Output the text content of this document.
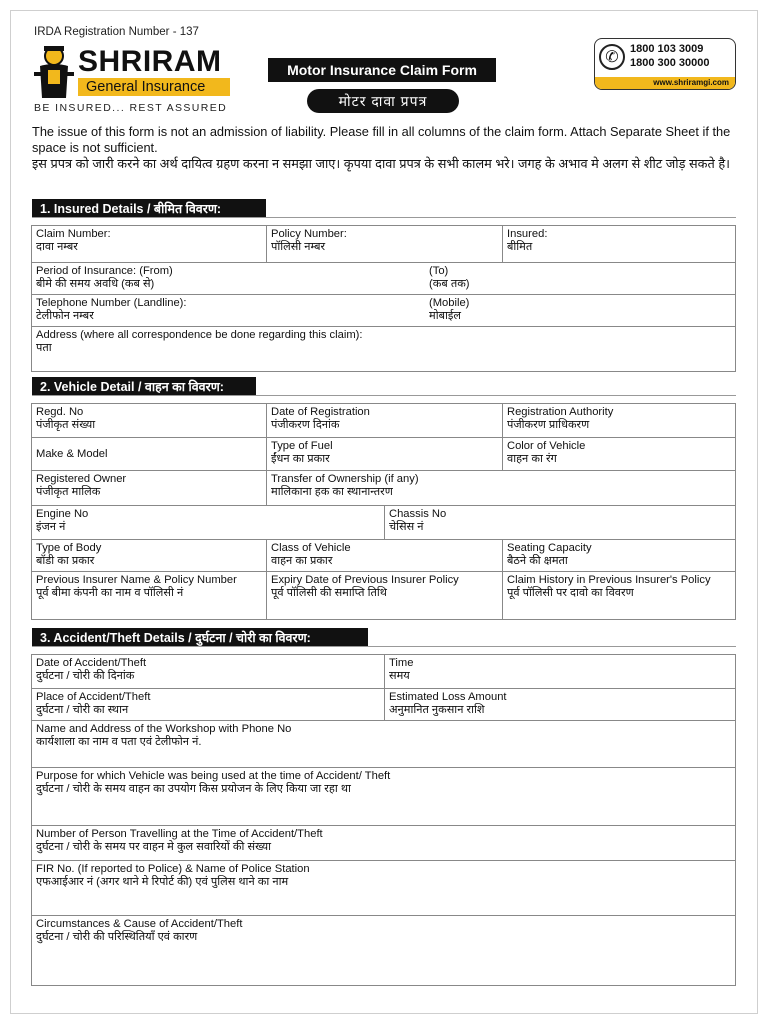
IRDA Registration Number - 137
SHRIRAM
General Insurance
BE INSURED... REST ASSURED
Motor Insurance Claim Form
मोटर दावा प्रपत्र
✆	1800 103 3009
1800 300 30000
www.shriramgi.com
The issue of this form is not an admission of liability. Please fill in all columns of the claim form. Attach Separate Sheet if the space is not sufficient.
इस प्रपत्र को जारी करने का अर्थ दायित्व ग्रहण करना न समझा जाए। कृपया दावा प्रपत्र के सभी कालम भरे। जगह के अभाव मे अलग से शीट जोड़ सकते है।
1. Insured Details / बीमित विवरण:
Claim Number:
दावा नम्बर
Policy Number:
पॉलिसी नम्बर
Insured:
बीमित
Period of Insurance: (From)
बीमे की समय अवधि (कब से)
(To)
(कब तक)
Telephone Number (Landline):
टेलीफोन नम्बर
(Mobile)
मोबाईल
Address (where all correspondence be done regarding this claim):
पता
2. Vehicle Detail / वाहन का विवरण:
Regd. No
पंजीकृत संख्या
Date of Registration
पंजीकरण दिनांक
Registration Authority
पंजीकरण प्राधिकरण
Make & Model
Type of Fuel
ईंधन का प्रकार
Color of Vehicle
वाहन का रंग
Registered Owner
पंजीकृत मालिक
Transfer of Ownership (if any)
मालिकाना हक का स्थानान्तरण
Engine No
इंजन नं
Chassis No
चेसिस नं
Type of Body
बॉडी का प्रकार
Class of Vehicle
वाहन का प्रकार
Seating Capacity
बैठने की क्षमता
Previous Insurer Name & Policy Number
पूर्व बीमा कंपनी का नाम व पॉलिसी नं
Expiry Date of Previous Insurer Policy
पूर्व पॉलिसी की समाप्ति तिथि
Claim History in Previous Insurer's Policy
पूर्व पॉलिसी पर दावो का विवरण
3. Accident/Theft Details / दुर्घटना / चोरी का विवरण:
Date of Accident/Theft
दुर्घटना / चोरी की दिनांक
Time
समय
Place of Accident/Theft
दुर्घटना / चोरी का स्थान
Estimated Loss Amount
अनुमानित नुकसान राशि
Name and Address of the Workshop with Phone No
कार्यशाला का नाम व पता एवं टेलीफोन नं.
Purpose for which Vehicle was being used at the time of Accident/ Theft
दुर्घटना / चोरी के समय वाहन का उपयोग किस प्रयोजन के लिए किया जा रहा था
Number of Person Travelling at the Time of Accident/Theft
दुर्घटना / चोरी के समय पर वाहन मे कुल सवारियों की संख्या
FIR No. (If reported to Police) & Name of Police Station
एफआईआर नं (अगर थाने मे रिपोर्ट की) एवं पुलिस थाने का नाम
Circumstances & Cause of Accident/Theft
दुर्घटना / चोरी की परिस्थितियाँ एवं कारण
